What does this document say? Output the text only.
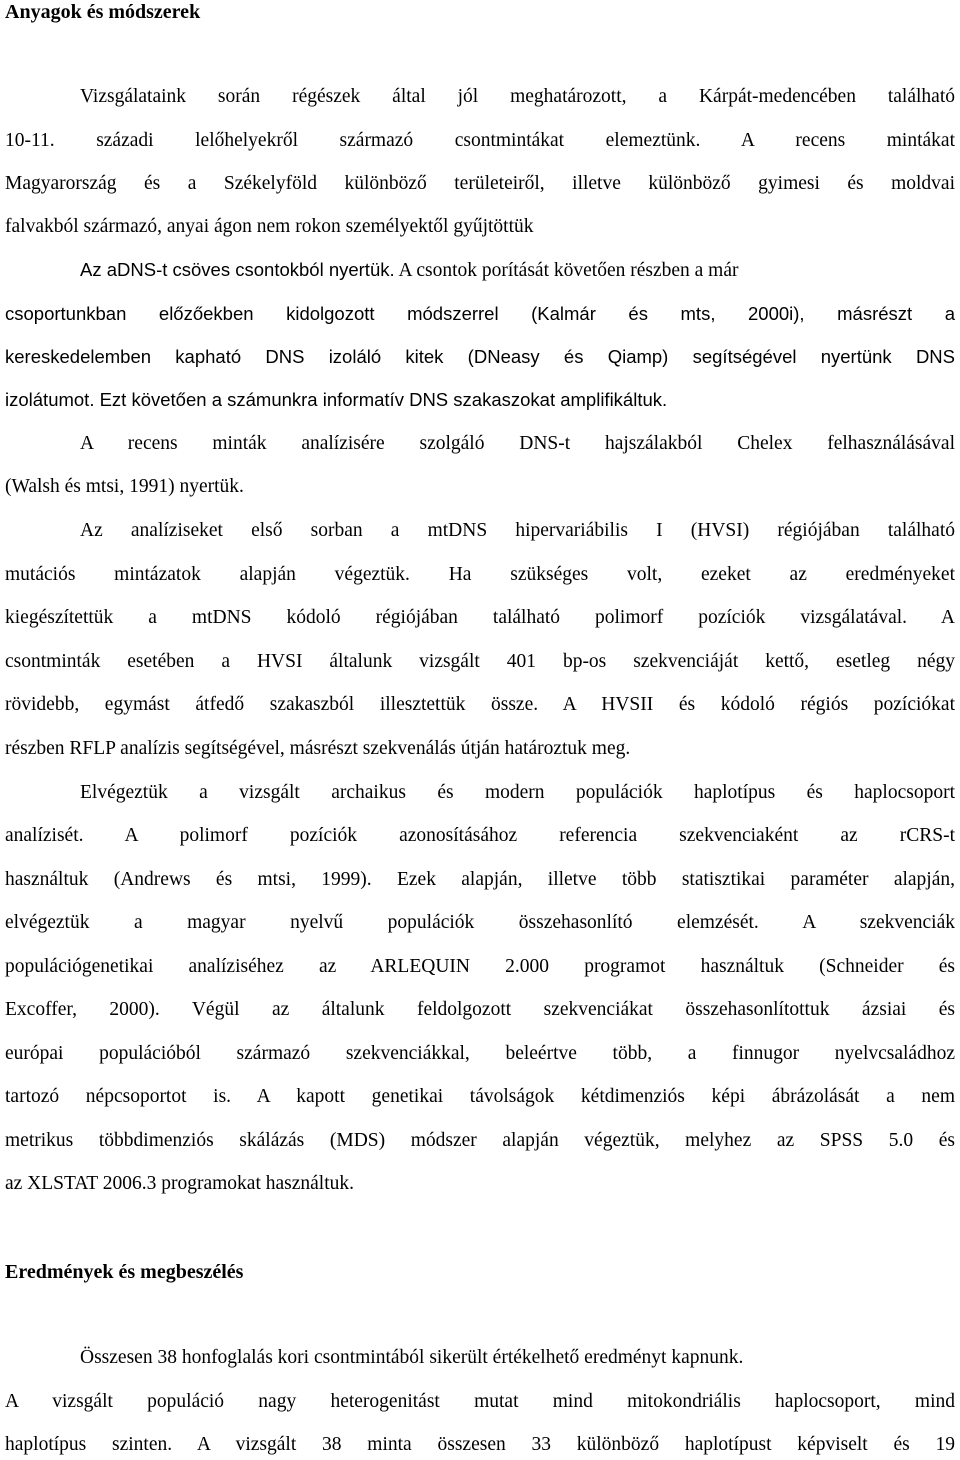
Anyagok és módszerek
Vizsgálataink során régészek által jól meghatározott, a Kárpát-medencében található
10-11. századi lelőhelyekről származó csontmintákat elemeztünk. A recens mintákat
Magyarország és a Székelyföld különböző területeiről, illetve különböző gyimesi és moldvai
falvakból származó, anyai ágon nem rokon személyektől gyűjtöttük
Az aDNS-t csöves csontokból nyertük. A csontok porítását követően részben a már
csoportunkban előzőekben kidolgozott módszerrel (Kalmár és mts, 2000i), másrészt a
kereskedelemben kapható DNS izoláló kitek (DNeasy és Qiamp) segítségével nyertünk DNS
izolátumot. Ezt követően a számunkra informatív DNS szakaszokat amplifikáltuk.
A recens minták analízisére szolgáló DNS-t hajszálakból Chelex felhasználásával
(Walsh és mtsi, 1991) nyertük.
Az analíziseket első sorban a mtDNS hipervariábilis I (HVSI) régiójában található
mutációs mintázatok alapján végeztük. Ha szükséges volt, ezeket az eredményeket
kiegészítettük a mtDNS kódoló régiójában található polimorf pozíciók vizsgálatával. A
csontminták esetében a HVSI általunk vizsgált 401 bp-os szekvenciáját kettő, esetleg négy
rövidebb, egymást átfedő szakaszból illesztettük össze. A HVSII és kódoló régiós pozíciókat
részben RFLP analízis segítségével, másrészt szekvenálás útján határoztuk meg.
Elvégeztük a vizsgált archaikus és modern populációk haplotípus és haplocsoport
analízisét. A polimorf pozíciók azonosításához referencia szekvenciaként az rCRS-t
használtuk (Andrews és mtsi, 1999). Ezek alapján, illetve több statisztikai paraméter alapján,
elvégeztük a magyar nyelvű populációk összehasonlító elemzését. A szekvenciák
populációgenetikai analíziséhez az ARLEQUIN 2.000 programot használtuk (Schneider és
Excoffer, 2000). Végül az általunk feldolgozott szekvenciákat összehasonlítottuk ázsiai és
európai populációból származó szekvenciákkal, beleértve több, a finnugor nyelvcsaládhoz
tartozó népcsoportot is. A kapott genetikai távolságok kétdimenziós képi ábrázolását a nem
metrikus többdimenziós skálázás (MDS) módszer alapján végeztük, melyhez az SPSS 5.0 és
az XLSTAT 2006.3 programokat használtuk.
Eredmények és megbeszélés
Összesen 38 honfoglalás kori csontmintából sikerült értékelhető eredményt kapnunk.
A vizsgált populáció nagy heterogenitást mutat mind mitokondriális haplocsoport, mind
haplotípus szinten. A vizsgált 38 minta összesen 33 különböző haplotípust képviselt és 19
